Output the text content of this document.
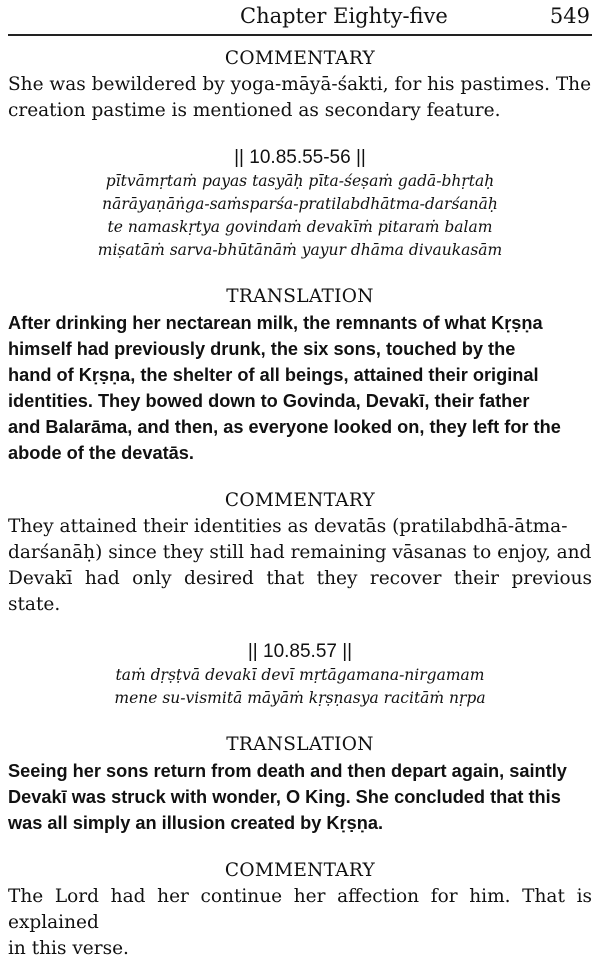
Chapter Eighty-five	549

COMMENTARY

She was bewildered by yoga-māyā-śakti, for his pastimes. The

creation pastime is mentioned as secondary feature.

|| 10.85.55-56 ||

pītvāmṛtaṁ payas tasyāḥ pīta-śeṣaṁ gadā-bhṛtaḥ

nārāyaṇāṅga-saṁsparśa-pratilabdhātma-darśanāḥ

te namaskṛtya govindaṁ devakīṁ pitaraṁ balam

miṣatāṁ sarva-bhūtānāṁ yayur dhāma divaukasām

TRANSLATION

After drinking her nectarean milk, the remnants of what Kṛṣṇa

himself had previously drunk, the six sons, touched by the

hand of Kṛṣṇa, the shelter of all beings, attained their original

identities. They bowed down to Govinda, Devakī, their father

and Balarāma, and then, as everyone looked on, they left for the

abode of the devatās.

COMMENTARY

They attained their identities as devatās (pratilabdhā-ātma-

darśanāḥ) since they still had remaining vāsanas to enjoy, and

Devakī had only desired that they recover their previous state.

|| 10.85.57 ||

taṁ dṛṣṭvā devakī devī mṛtāgamana-nirgamam

mene su-vismitā māyāṁ kṛṣṇasya racitāṁ nṛpa

TRANSLATION

Seeing her sons return from death and then depart again, saintly

Devakī was struck with wonder, O King. She concluded that this

was all simply an illusion created by Kṛṣṇa.

COMMENTARY

The Lord had her continue her affection for him. That is explained

in this verse.
